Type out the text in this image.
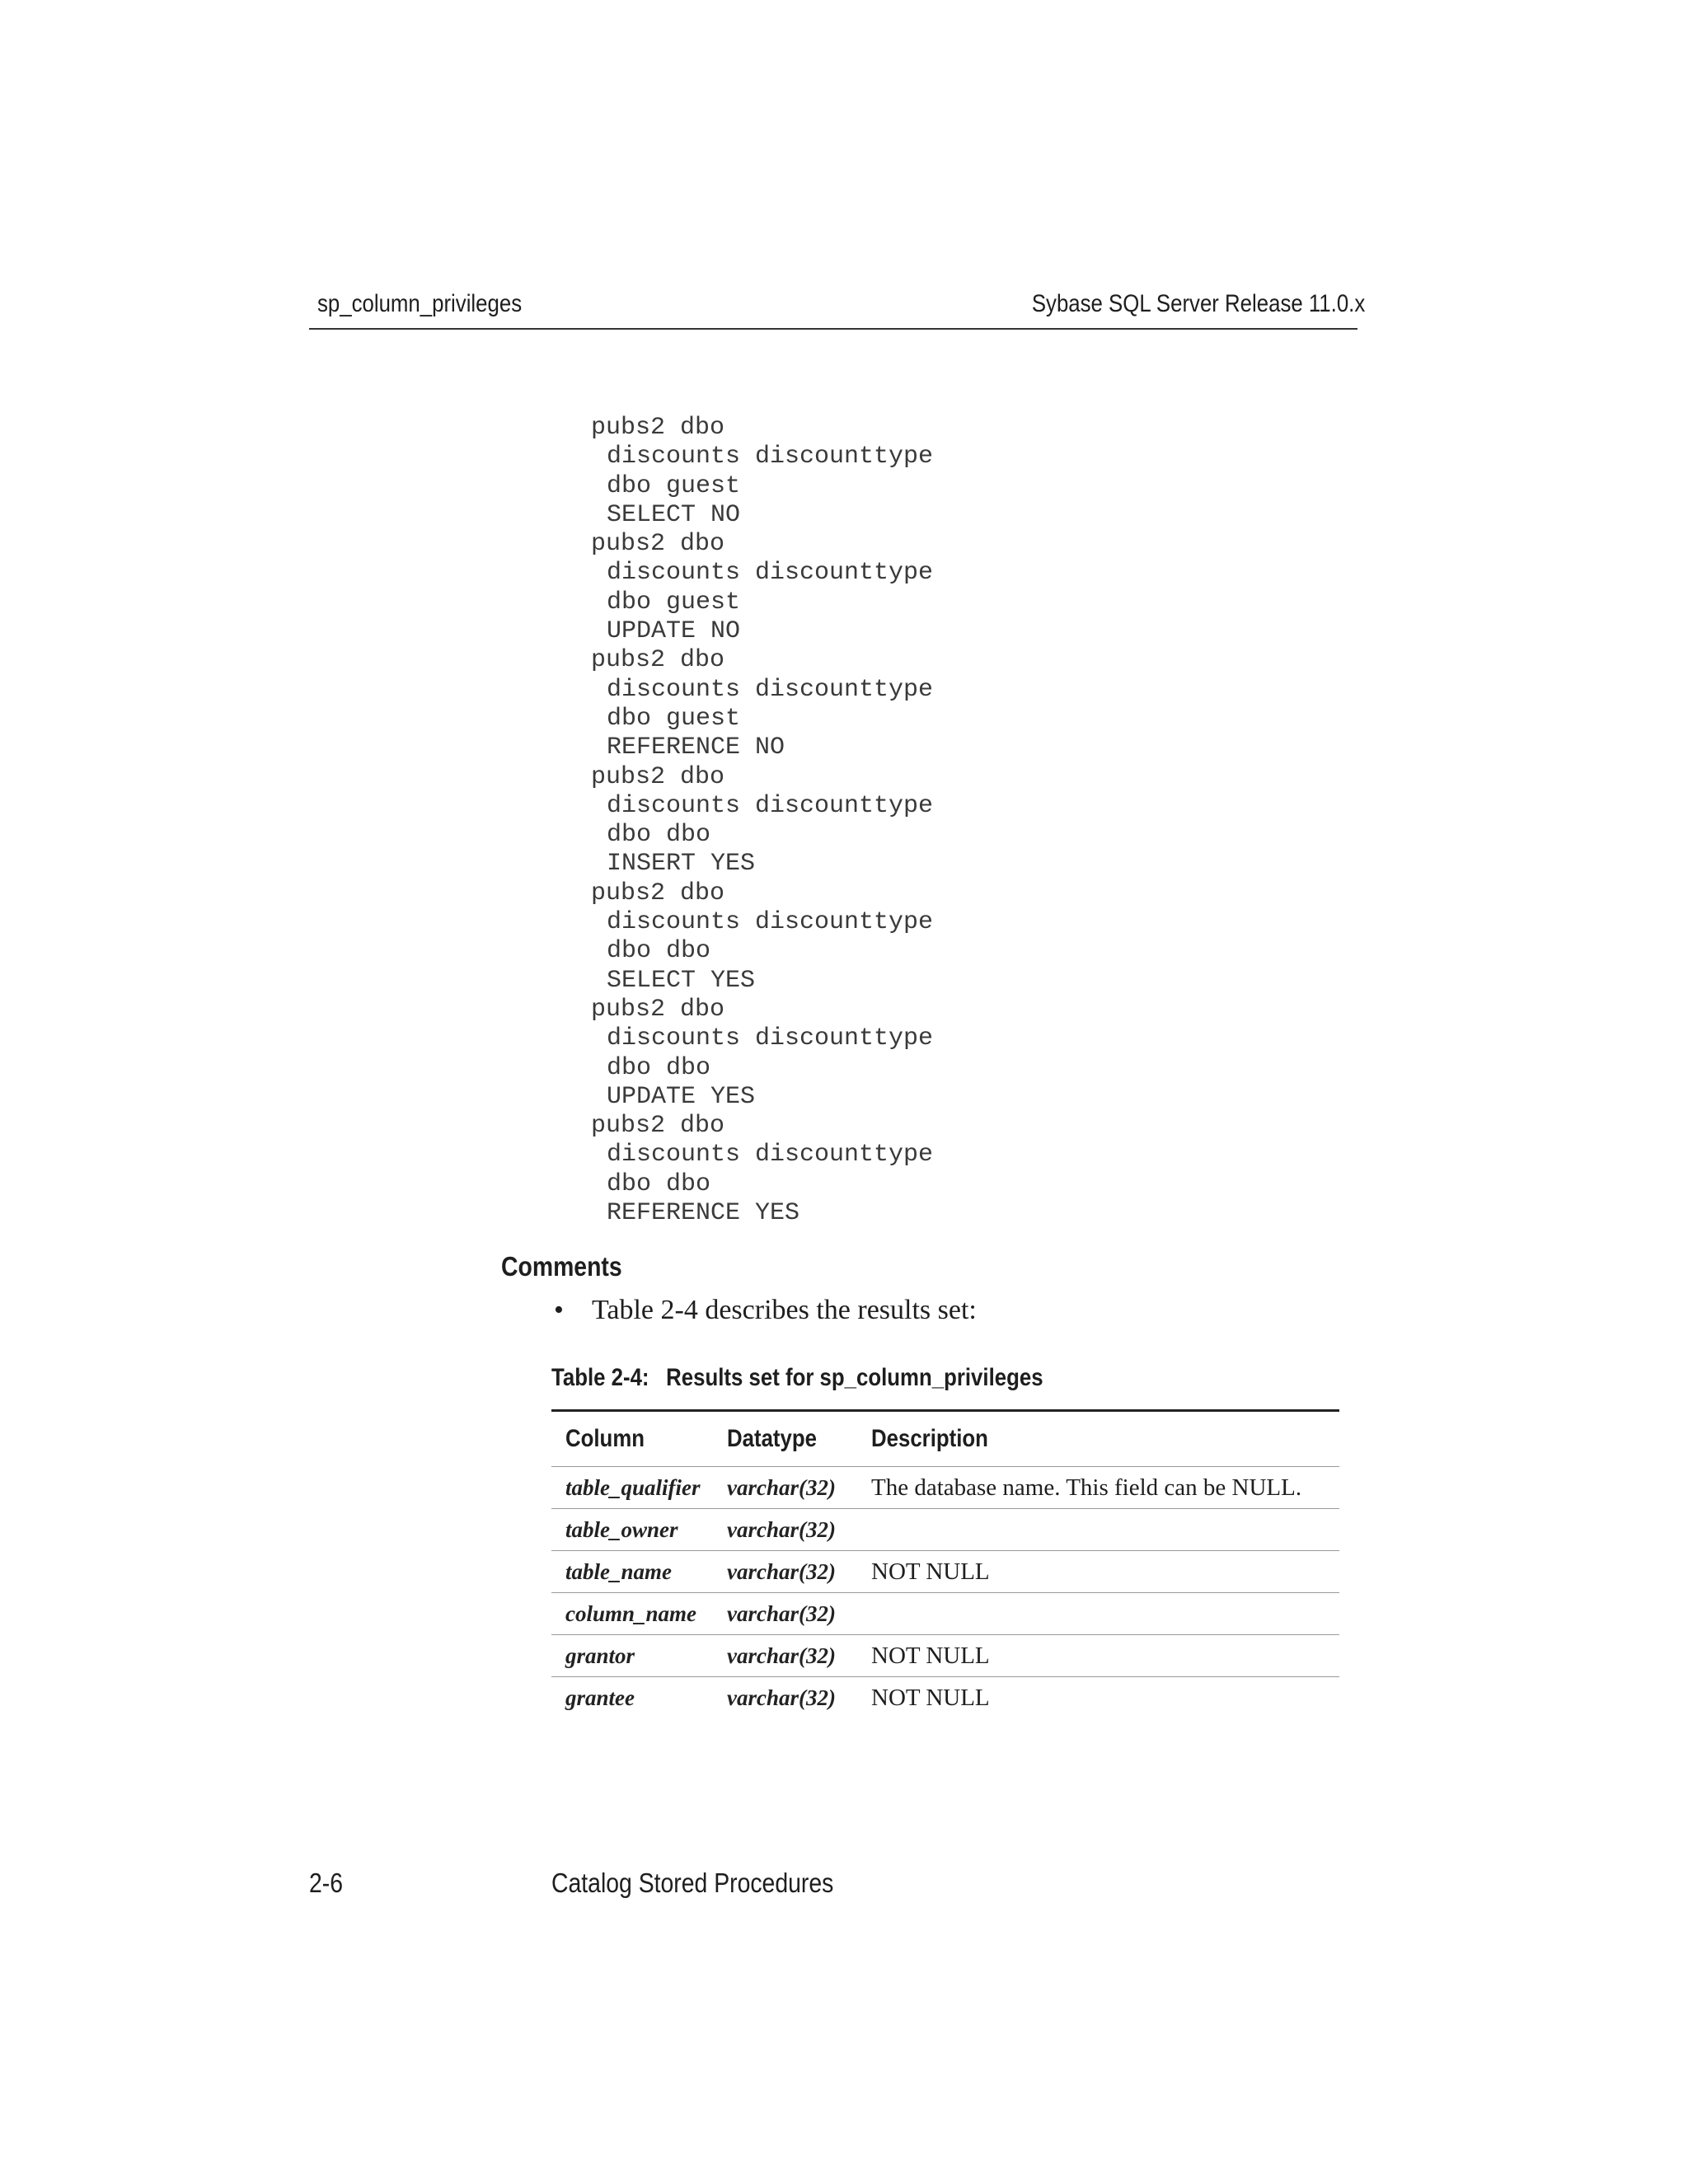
sp_column_privileges	Sybase SQL Server Release 11.0.x
pubs2 dbo
discounts discounttype
dbo guest
SELECT NO
pubs2 dbo
discounts discounttype
dbo guest
UPDATE NO
pubs2 dbo
discounts discounttype
dbo guest
REFERENCE NO
pubs2 dbo
discounts discounttype
dbo dbo
INSERT YES
pubs2 dbo
discounts discounttype
dbo dbo
SELECT YES
pubs2 dbo
discounts discounttype
dbo dbo
UPDATE YES
pubs2 dbo
discounts discounttype
dbo dbo
REFERENCE YES
Comments
• Table 2-4 describes the results set:
Table 2-4: Results set for sp_column_privileges
Column	Datatype Description
table_qualifier varchar(32) The database name. This field can be NULL.
table_owner varchar(32)
table_name varchar(32) NOT NULL
column_name varchar(32)
grantor	varchar(32) NOT NULL
grantee	varchar(32) NOT NULL
2-6	Catalog Stored Procedures
